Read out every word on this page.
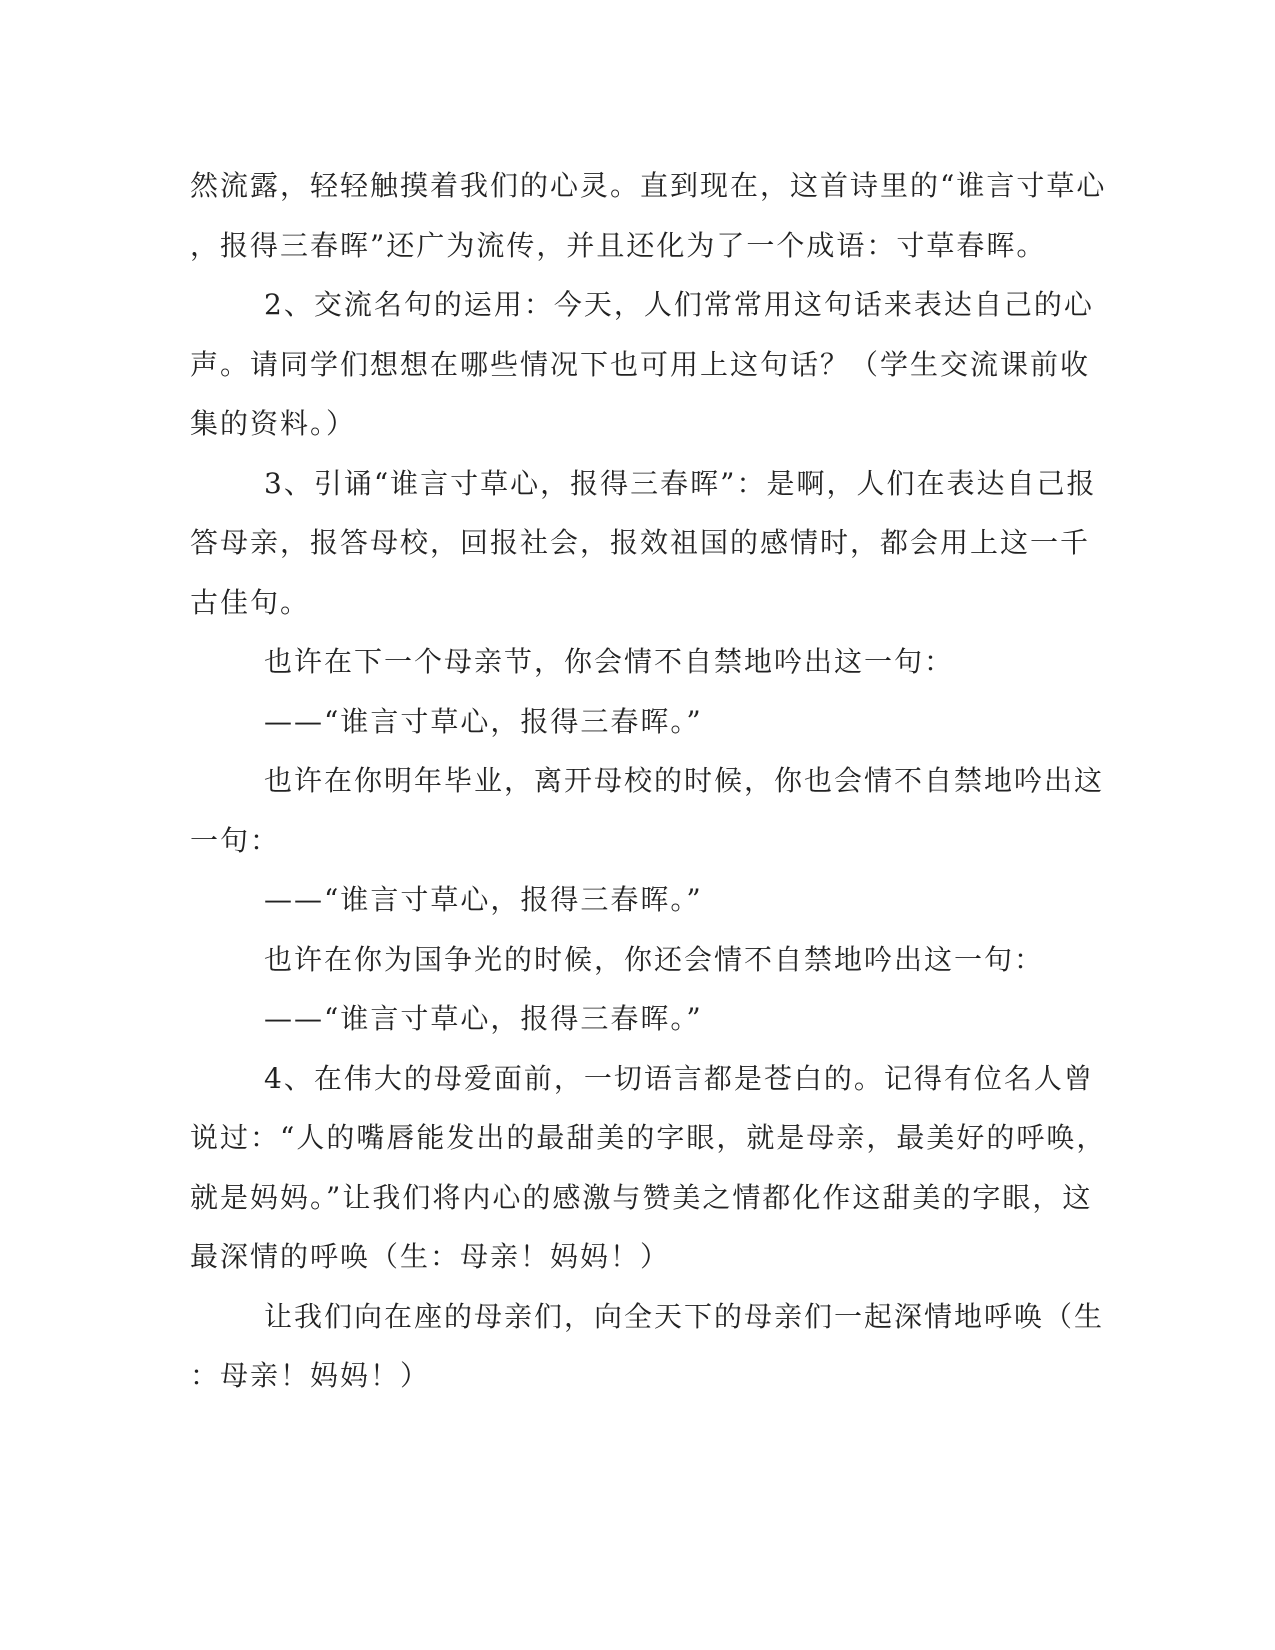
然流露，轻轻触摸着我们的心灵。直到现在，这首诗里的“谁言寸草心
，报得三春晖”还广为流传，并且还化为了一个成语：寸草春晖。
2、交流名句的运用：今天，人们常常用这句话来表达自己的心
声。请同学们想想在哪些情况下也可用上这句话？（学生交流课前收
集的资料。）
3、引诵“谁言寸草心，报得三春晖”：是啊，人们在表达自己报
答母亲，报答母校，回报社会，报效祖国的感情时，都会用上这一千
古佳句。
也许在下一个母亲节，你会情不自禁地吟出这一句：
——“谁言寸草心，报得三春晖。”
也许在你明年毕业，离开母校的时候，你也会情不自禁地吟出这
一句：
——“谁言寸草心，报得三春晖。”
也许在你为国争光的时候，你还会情不自禁地吟出这一句：
——“谁言寸草心，报得三春晖。”
4、在伟大的母爱面前，一切语言都是苍白的。记得有位名人曾
说过：“人的嘴唇能发出的最甜美的字眼，就是母亲，最美好的呼唤，
就是妈妈。”让我们将内心的感激与赞美之情都化作这甜美的字眼，这
最深情的呼唤（生：母亲！妈妈！）
让我们向在座的母亲们，向全天下的母亲们一起深情地呼唤（生
：母亲！妈妈！）
